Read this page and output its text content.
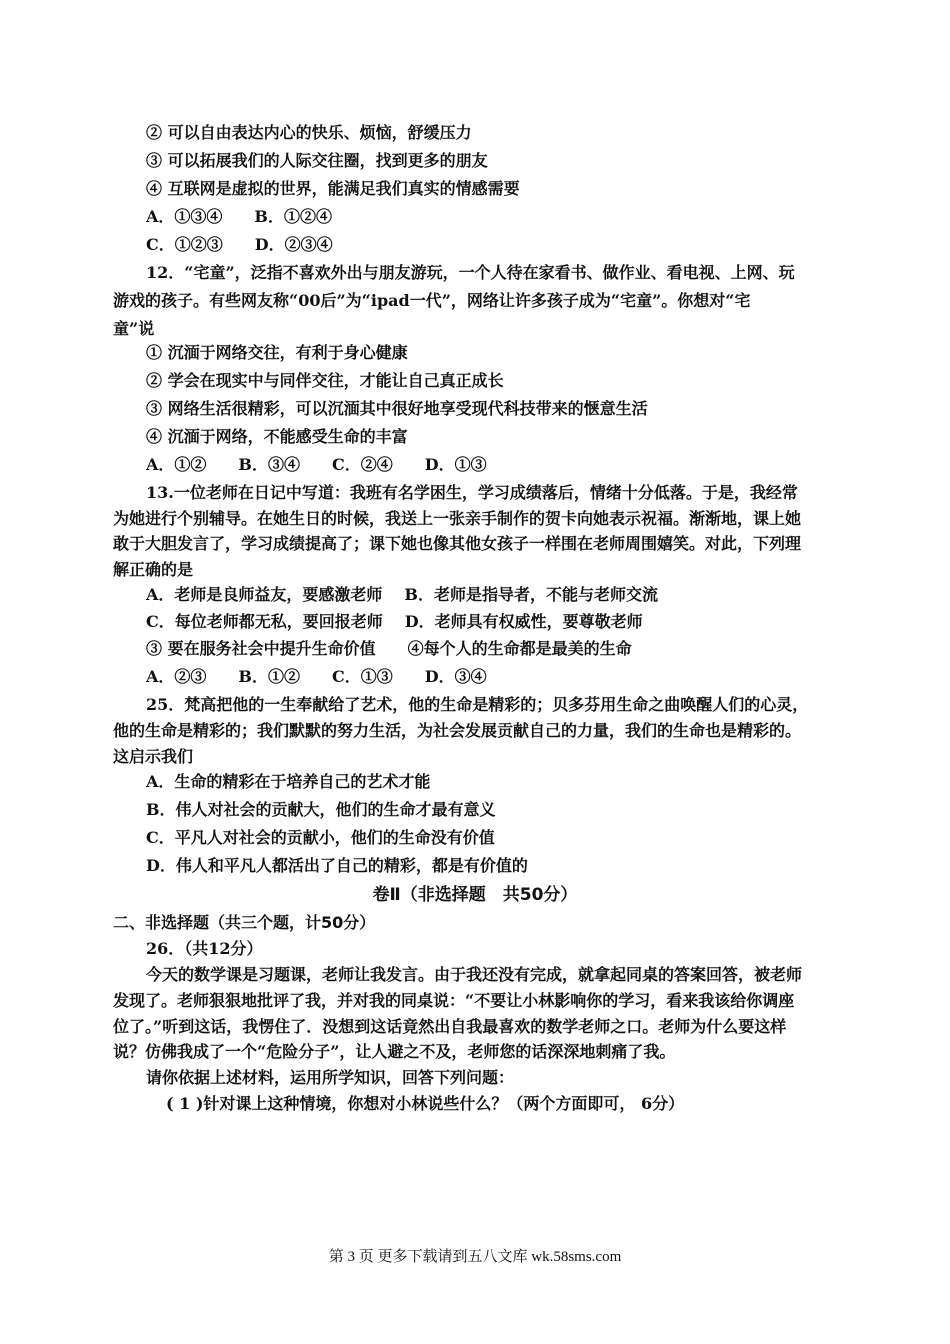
② 可以自由表达内心的快乐、烦恼，舒缓压力
③ 可以拓展我们的人际交往圈，找到更多的朋友
④ 互联网是虚拟的世界，能满足我们真实的情感需要
A．①③④ B．①②④
C．①②③ D．②③④
12．“宅童”，泛指不喜欢外出与朋友游玩，一个人待在家看书、做作业、看电视、上网、玩
游戏的孩子。有些网友称“00后”为“ipad一代”，网络让许多孩子成为“宅童”。你想对“宅
童”说
① 沉湎于网络交往，有利于身心健康
② 学会在现实中与同伴交往，才能让自己真正成长
③ 网络生活很精彩，可以沉湎其中很好地享受现代科技带来的惬意生活
④ 沉湎于网络，不能感受生命的丰富
A．①② B．③④ C．②④ D．①③
13.一位老师在日记中写道：我班有名学困生，学习成绩落后，情绪十分低落。于是，我经常
为她进行个别辅导。在她生日的时候，我送上一张亲手制作的贺卡向她表示祝福。渐渐地，课上她
敢于大胆发言了，学习成绩提高了；课下她也像其他女孩子一样围在老师周围嬉笑。对此，下列理
解正确的是
A．老师是良师益友，要感激老师 B．老师是指导者，不能与老师交流
C．每位老师都无私，要回报老师 D．老师具有权威性，要尊敬老师
③ 要在服务社会中提升生命价值 ④每个人的生命都是最美的生命
A．②③ B．①② C．①③ D．③④
25．梵高把他的一生奉献给了艺术，他的生命是精彩的；贝多芬用生命之曲唤醒人们的心灵，
他的生命是精彩的；我们默默的努力生活，为社会发展贡献自己的力量，我们的生命也是精彩的。
这启示我们
A．生命的精彩在于培养自己的艺术才能
B．伟人对社会的贡献大，他们的生命才最有意义
C．平凡人对社会的贡献小，他们的生命没有价值
D．伟人和平凡人都活出了自己的精彩，都是有价值的
卷Ⅱ（非选择题　共50分）
二、非选择题（共三个题，计50分）
26．（共12分）
今天的数学课是习题课，老师让我发言。由于我还没有完成，就拿起同桌的答案回答，被老师
发现了。老师狠狠地批评了我，并对我的同桌说：“不要让小林影响你的学习，看来我该给你调座
位了。”听到这话，我愣住了．没想到这话竟然出自我最喜欢的数学老师之口。老师为什么要这样
说？仿佛我成了一个“危险分子”，让人避之不及，老师您的话深深地刺痛了我。
请你依据上述材料，运用所学知识，回答下列问题：
( 1 )针对课上这种情境，你想对小林说些什么？（两个方面即可， 6分）
第 3 页 更多下载请到五八文库 wk.58sms.com
